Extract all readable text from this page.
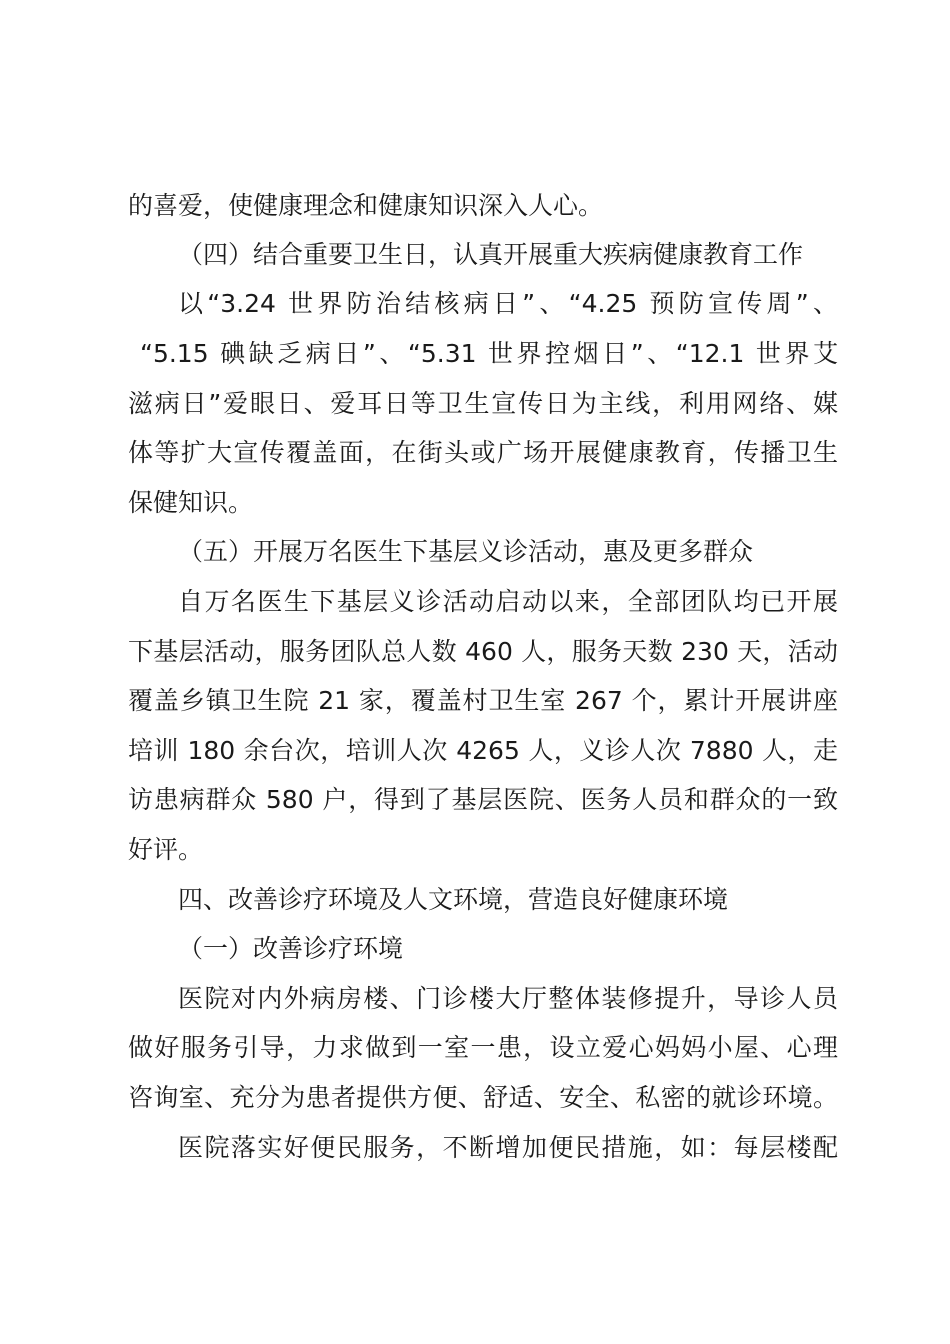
的喜爱，使健康理念和健康知识深入人心。
（四）结合重要卫生日，认真开展重大疾病健康教育工作
以“3.24 世界防治结核病日”、“4.25 预防宣传周”、
“5.15 碘缺乏病日”、“5.31 世界控烟日”、“12.1 世界艾
滋病日”爱眼日、爱耳日等卫生宣传日为主线，利用网络、媒
体等扩大宣传覆盖面，在街头或广场开展健康教育，传播卫生
保健知识。
（五）开展万名医生下基层义诊活动，惠及更多群众
自万名医生下基层义诊活动启动以来，全部团队均已开展
下基层活动，服务团队总人数 460 人，服务天数 230 天，活动
覆盖乡镇卫生院 21 家，覆盖村卫生室 267 个，累计开展讲座
培训 180 余台次，培训人次 4265 人，义诊人次 7880 人，走
访患病群众 580 户，得到了基层医院、医务人员和群众的一致
好评。
四、改善诊疗环境及人文环境，营造良好健康环境
（一）改善诊疗环境
医院对内外病房楼、门诊楼大厅整体装修提升，导诊人员
做好服务引导，力求做到一室一患，设立爱心妈妈小屋、心理
咨询室、充分为患者提供方便、舒适、安全、私密的就诊环境。
医院落实好便民服务，不断增加便民措施，如：每层楼配
